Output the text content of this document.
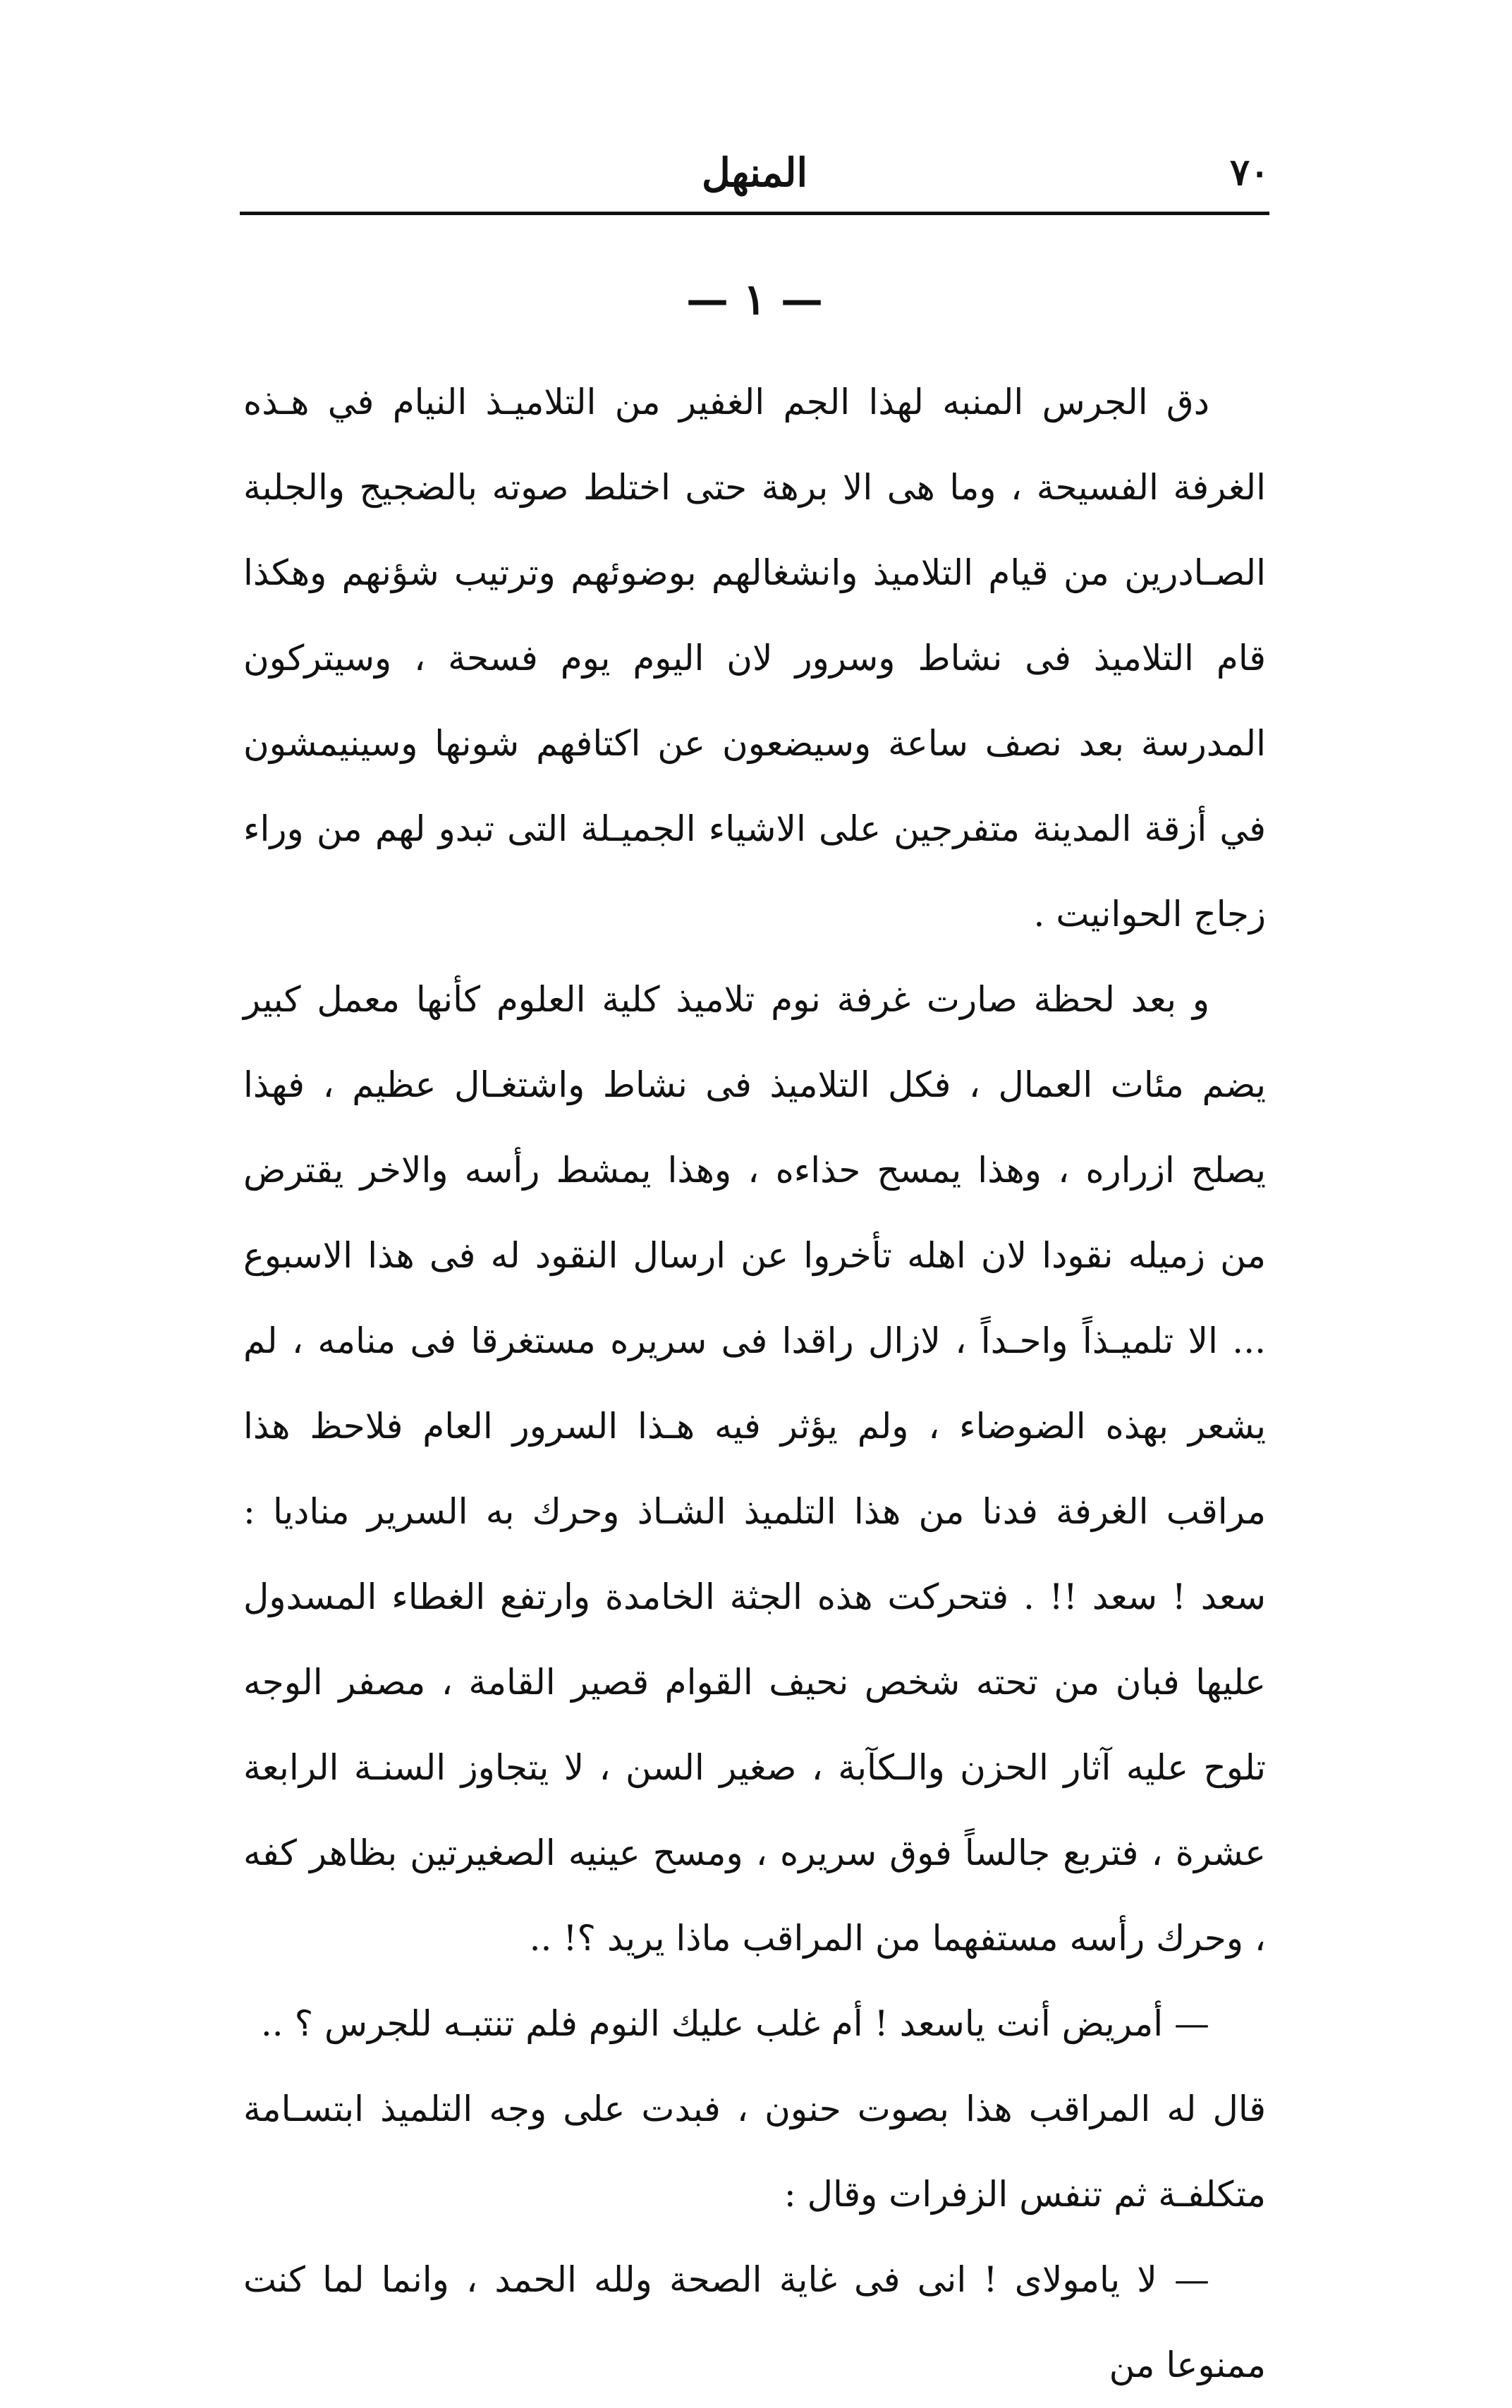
٧٠
المنهل
— ١ —

دق الجرس المنبه لهذا الجم الغفير من التلاميـذ النيام في هـذه الغرفة الفسيحة ، وما هى الا برهة حتى اختلط صوته بالضجيج والجلبة الصـادرين من قيام التلاميذ وانشغالهم بوضوئهم وترتيب شؤنهم وهكذا قام التلاميذ فى نشاط وسرور لان اليوم يوم فسحة ، وسيتركون المدرسة بعد نصف ساعة وسيضعون عن اكتافهم شونها وسينيمشون في أزقة المدينة متفرجين على الاشياء الجميـلة التى تبدو لهم من وراء زجاج الحوانيت .

و بعد لحظة صارت غرفة نوم تلاميذ كلية العلوم كأنها معمل كبير يضم مئات العمال ، فكل التلاميذ فى نشاط واشتغـال عظيم ، فهذا يصلح ازراره ، وهذا يمسح حذاءه ، وهذا يمشط رأسه والاخر يقترض من زميله نقودا لان اهله تأخروا عن ارسال النقود له فى هذا الاسبوع ... الا تلميـذاً واحـداً ، لازال راقدا فى سريره مستغرقا فى منامه ، لم يشعر بهذه الضوضاء ، ولم يؤثر فيه هـذا السرور العام فلاحظ هذا مراقب الغرفة فدنا من هذا التلميذ الشـاذ وحرك به السرير مناديا : سعد ! سعد !! . فتحركت هذه الجثة الخامدة وارتفع الغطاء المسدول عليها فبان من تحته شخص نحيف القوام قصير القامة ، مصفر الوجه تلوح عليه آثار الحزن والـكآبة ، صغير السن ، لا يتجاوز السنـة الرابعة عشرة ، فتربع جالساً فوق سريره ، ومسح عينيه الصغيرتين بظاهر كفه ، وحرك رأسه مستفهما من المراقب ماذا يريد ؟! ..

— أمريض أنت ياسعد ! أم غلب عليك النوم فلم تنتبـه للجرس ؟ ..

قال له المراقب هذا بصوت حنون ، فبدت على وجه التلميذ ابتسـامة متكلفـة ثم تنفس الزفرات وقال :

— لا يامولاى ! انى فى غاية الصحة ولله الحمد ، وانما لما كنت ممنوعا من
